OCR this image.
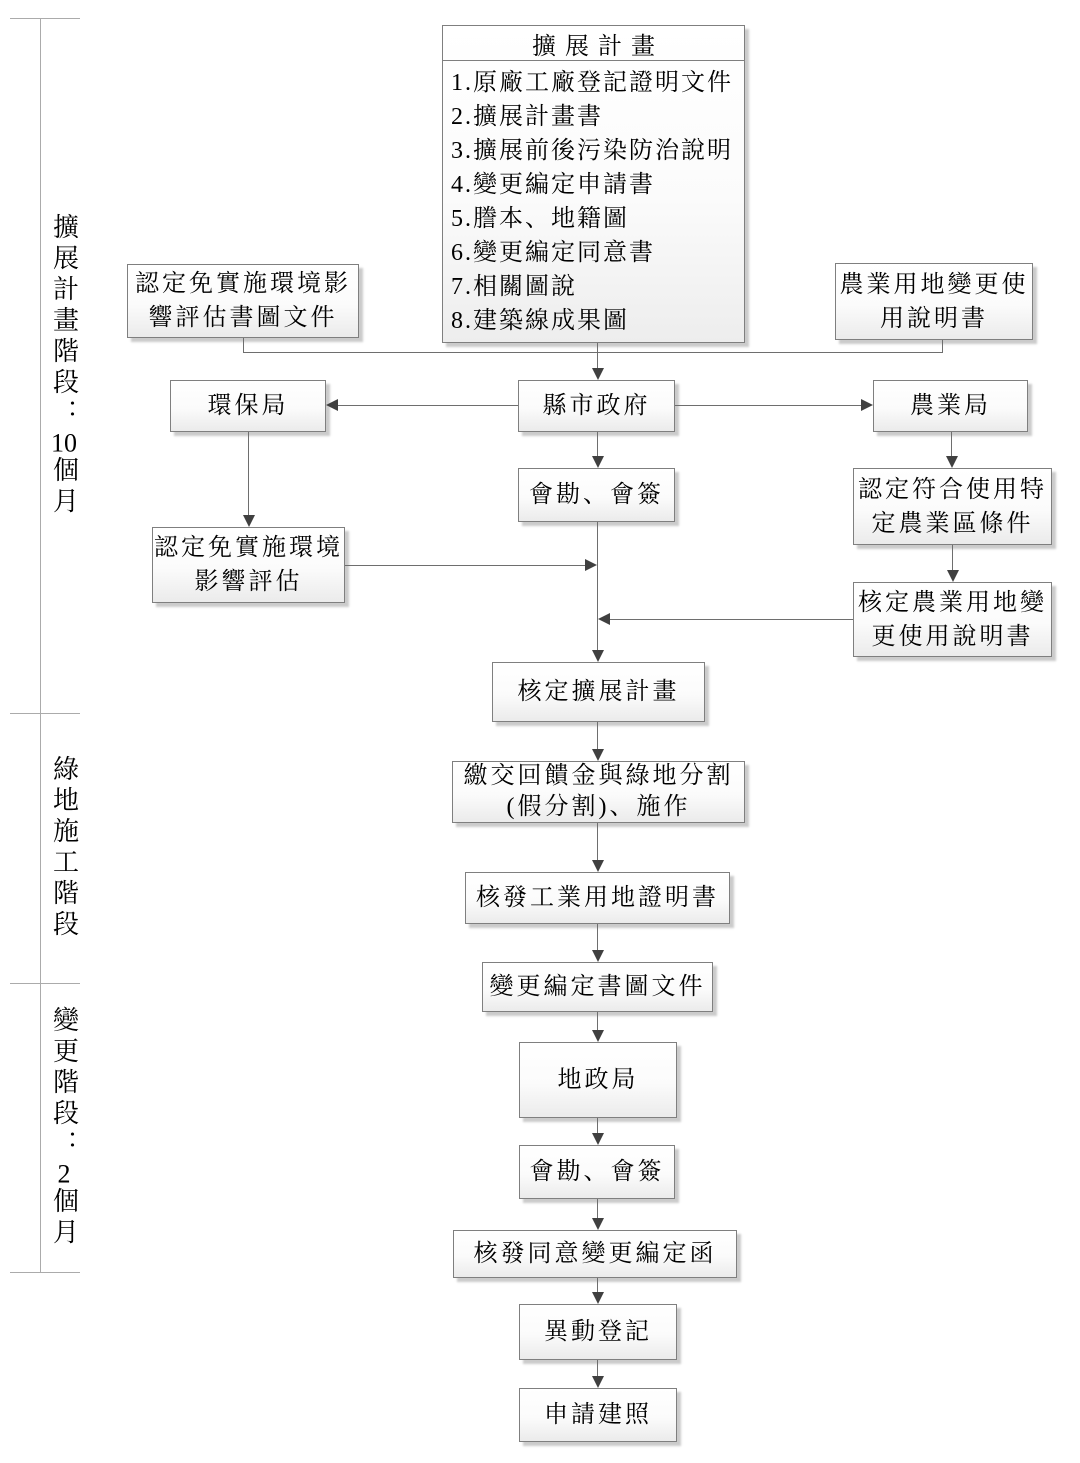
擴展計畫階段：10個月
綠地施工階段
變更階段：2個月
擴展計畫
1.原廠工廠登記證明文件
2.擴展計畫書
3.擴展前後污染防治說明
4.變更編定申請書
5.謄本、地籍圖
6.變更編定同意書
7.相關圖說
8.建築線成果圖
認定免實施環境影
響評估書圖文件
農業用地變更使
用說明書
環保局	縣市政府	農業局
會勘、會簽
認定免實施環境
影響評估
認定符合使用特
定農業區條件
核定農業用地變
更使用說明書
核定擴展計畫
繳交回饋金與綠地分割
(假分割)、施作
核發工業用地證明書
變更編定書圖文件
地政局
會勘、會簽
核發同意變更編定函
異動登記
申請建照
